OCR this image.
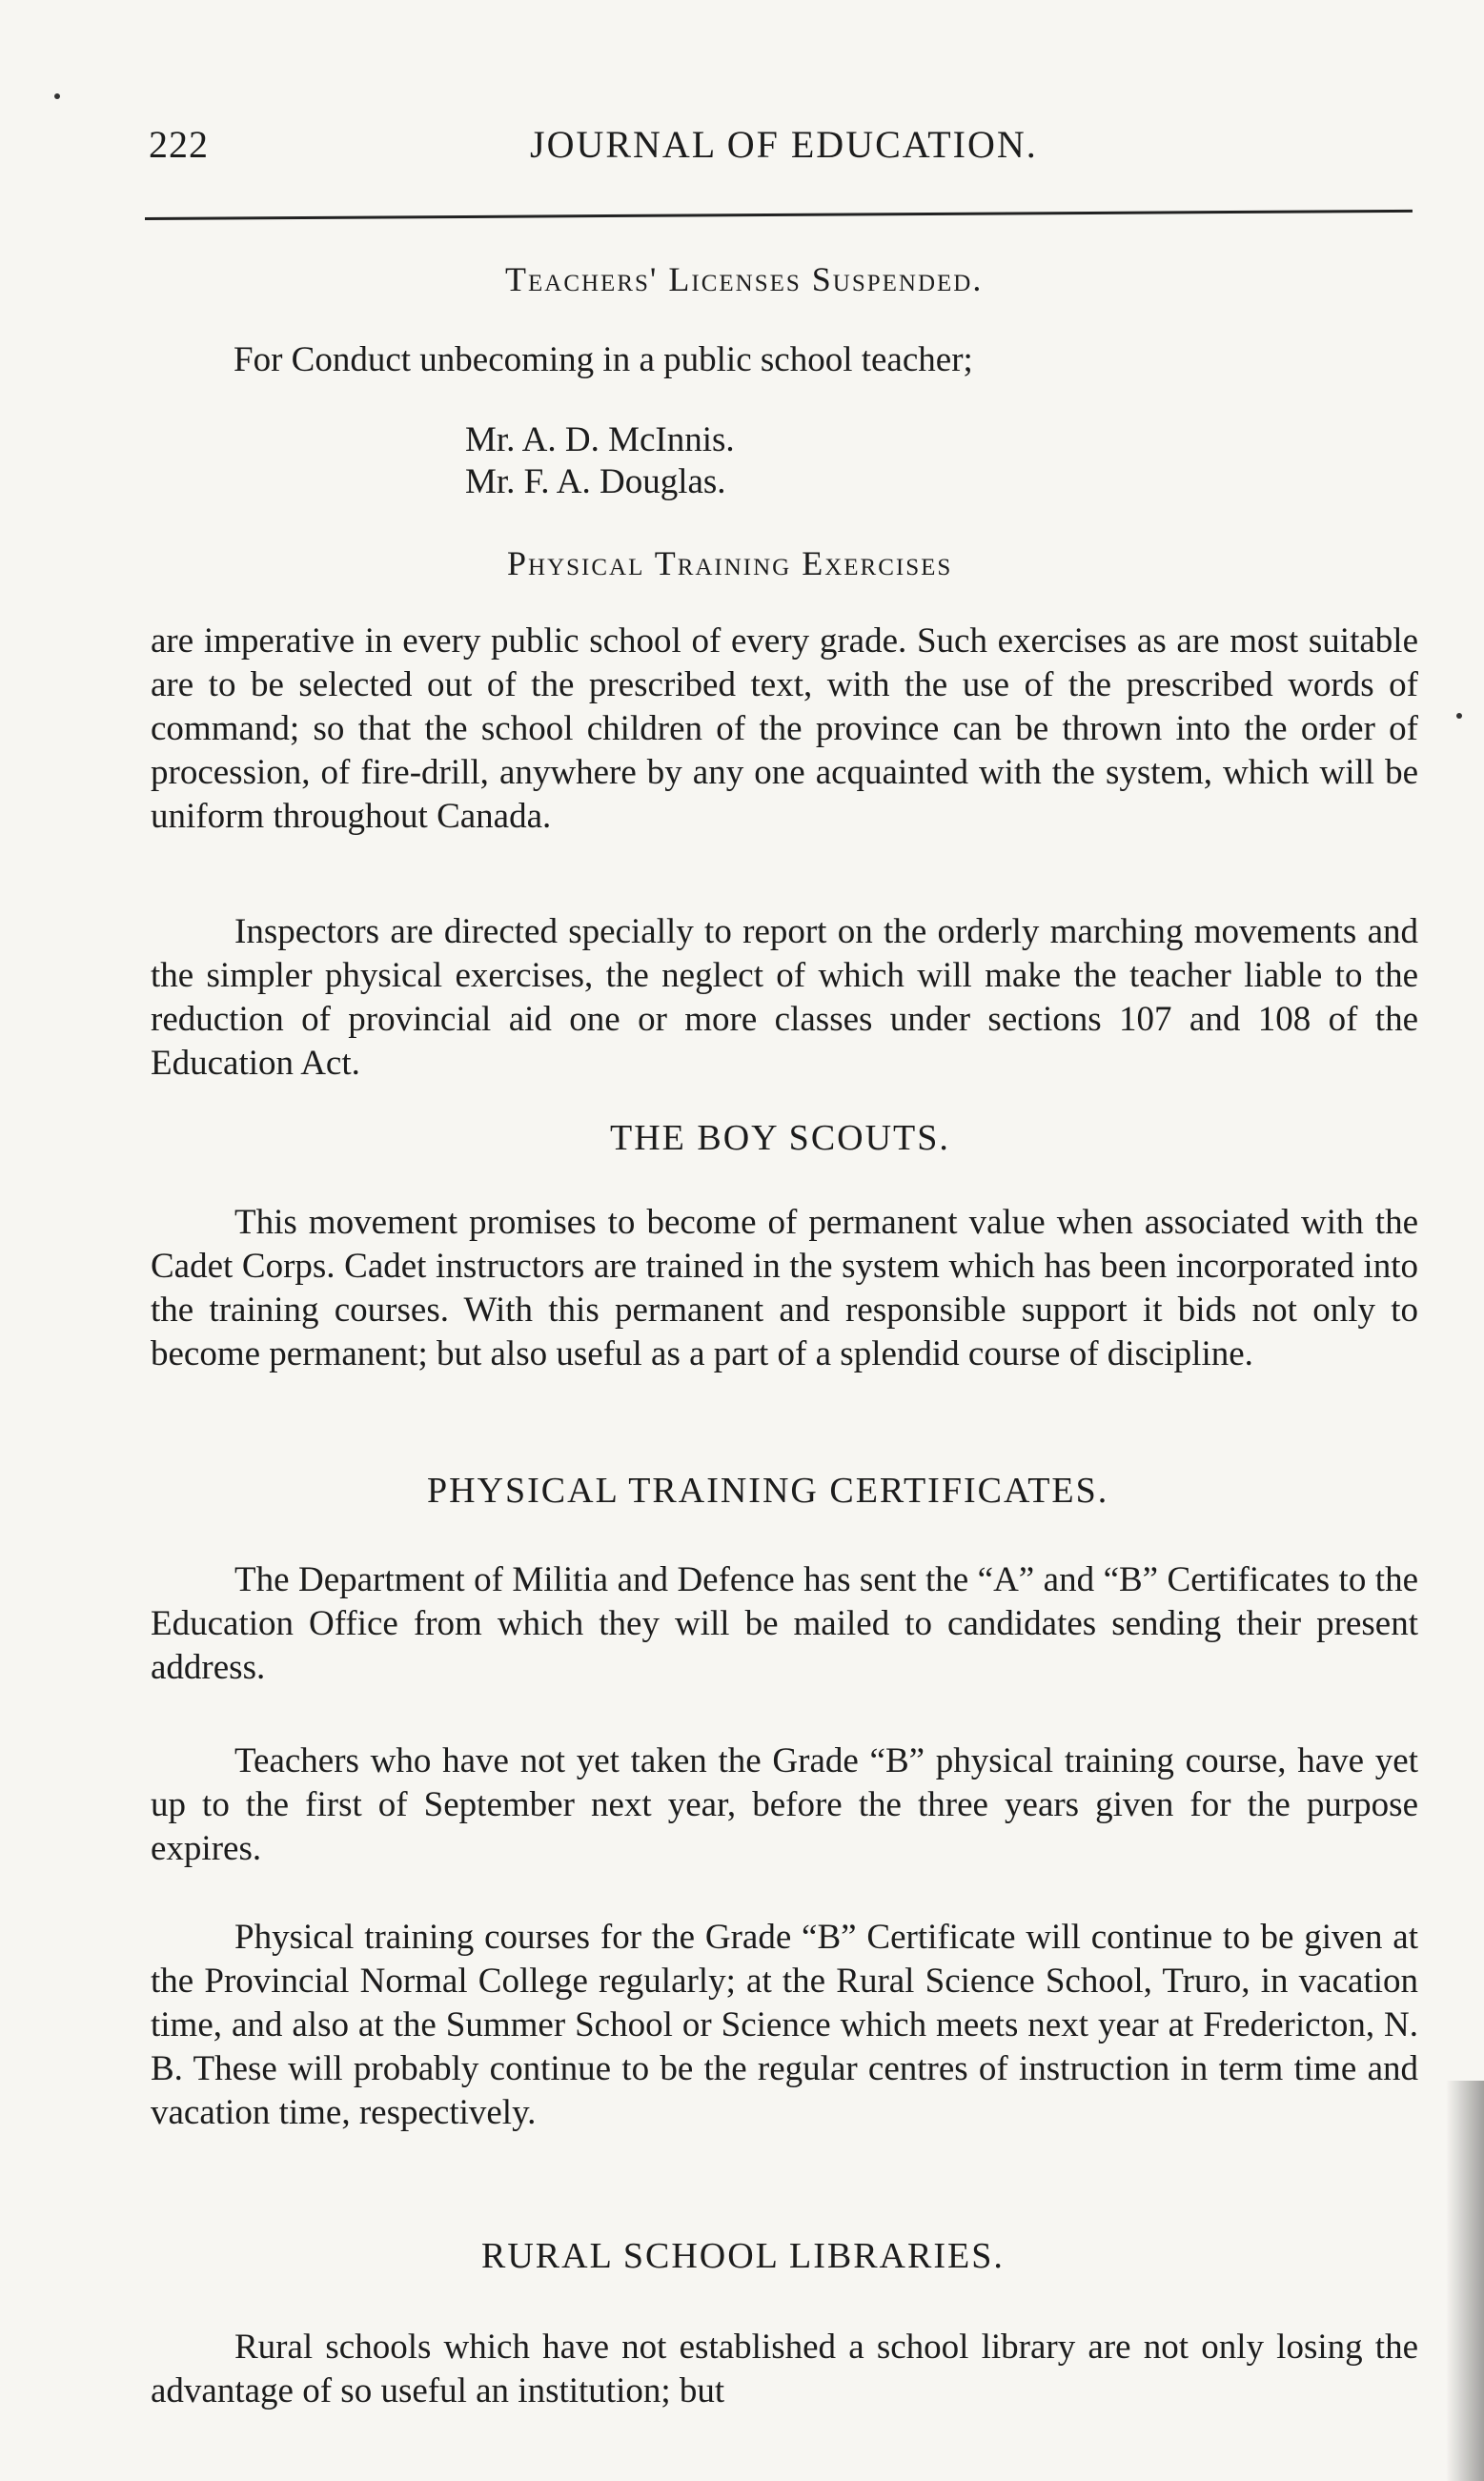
222	JOURNAL OF EDUCATION.
Teachers' Licenses Suspended.

For Conduct unbecoming in a public school teacher;

Mr. A. D. McInnis.
Mr. F. A. Douglas.
Physical Training Exercises

are imperative in every public school of every grade. Such exercises as are most suitable are to be selected out of the prescribed text, with the use of the prescribed words of command; so that the school children of the province can be thrown into the order of procession, of fire-drill, anywhere by any one acquainted with the system, which will be uniform throughout Canada.

Inspectors are directed specially to report on the orderly marching movements and the simpler physical exercises, the neglect of which will make the teacher liable to the reduction of provincial aid one or more classes under sections 107 and 108 of the Education Act.

THE BOY SCOUTS.

This movement promises to become of permanent value when associated with the Cadet Corps. Cadet instructors are trained in the system which has been incorporated into the training courses. With this permanent and responsible support it bids not only to become permanent; but also useful as a part of a splendid course of discipline.

PHYSICAL TRAINING CERTIFICATES.

The Department of Militia and Defence has sent the “A” and “B” Certificates to the Education Office from which they will be mailed to candidates sending their present address.

Teachers who have not yet taken the Grade “B” physical training course, have yet up to the first of September next year, before the three years given for the purpose expires.

Physical training courses for the Grade “B” Certificate will continue to be given at the Provincial Normal College regularly; at the Rural Science School, Truro, in vacation time, and also at the Summer School or Science which meets next year at Fredericton, N. B. These will probably continue to be the regular centres of instruction in term time and vacation time, respectively.

RURAL SCHOOL LIBRARIES.

Rural schools which have not established a school library are not only losing the advantage of so useful an institution; but
